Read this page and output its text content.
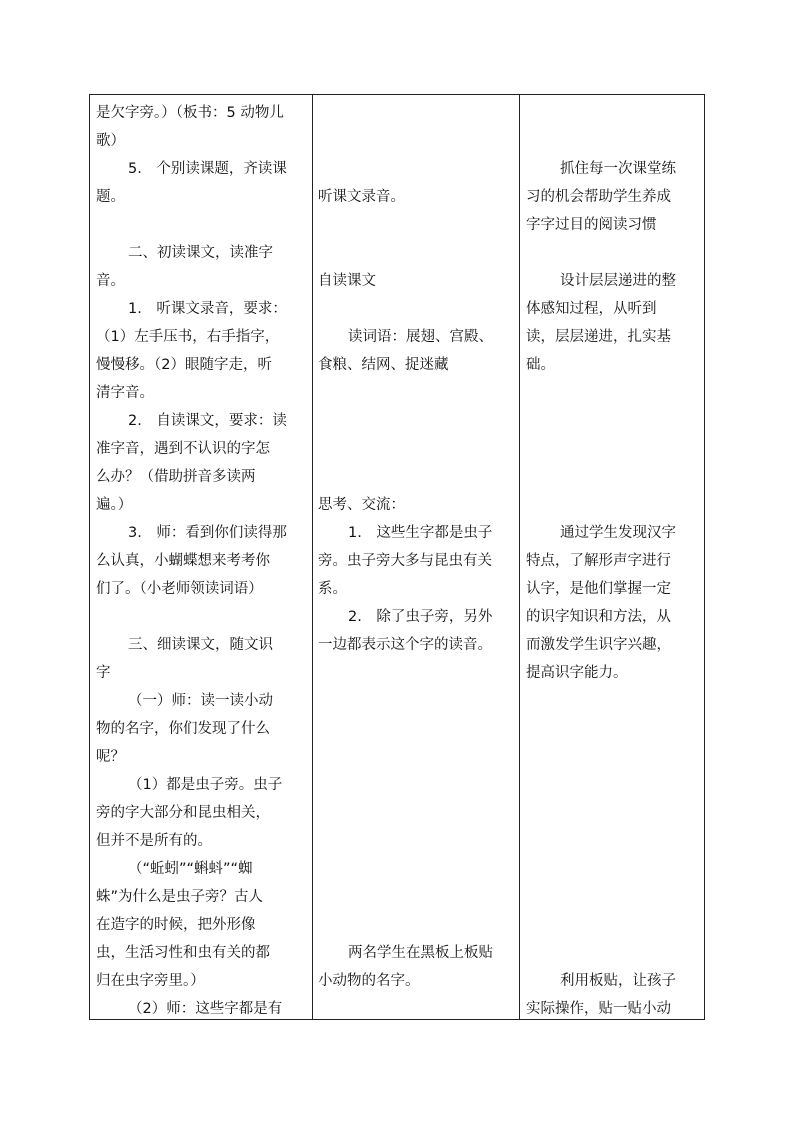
是欠字旁。）（板书：5 动物儿
歌）
5.　个别读课题，齐读课
题。
二、初读课文，读准字
音。
1.　听课文录音，要求：
（1）左手压书，右手指字，
慢慢移。（2）眼随字走，听
清字音。
2.　自读课文，要求：读
准字音，遇到不认识的字怎
么办？（借助拼音多读两
遍。）
3.　师：看到你们读得那
么认真，小蝴蝶想来考考你
们了。（小老师领读词语）
三、细读课文，随文识
字
（一）师：读一读小动
物的名字，你们发现了什么
呢？
（1）都是虫子旁。虫子
旁的字大部分和昆虫相关，
但并不是所有的。
（“蚯蚓”“蝌蚪”“蜘
蛛”为什么是虫子旁？古人
在造字的时候，把外形像
虫，生活习性和虫有关的都
归在虫字旁里。）
（2）师：这些字都是有
听课文录音。
自读课文
读词语：展翅、宫殿、
食粮、结网、捉迷藏
思考、交流：
1.　这些生字都是虫子
旁。虫子旁大多与昆虫有关
系。
2.　除了虫子旁，另外
一边都表示这个字的读音。
两名学生在黑板上板贴
小动物的名字。
抓住每一次课堂练
习的机会帮助学生养成
字字过目的阅读习惯
设计层层递进的整
体感知过程，从听到
读，层层递进，扎实基
础。
通过学生发现汉字
特点，了解形声字进行
认字，是他们掌握一定
的识字知识和方法，从
而激发学生识字兴趣，
提高识字能力。
利用板贴，让孩子
实际操作，贴一贴小动
